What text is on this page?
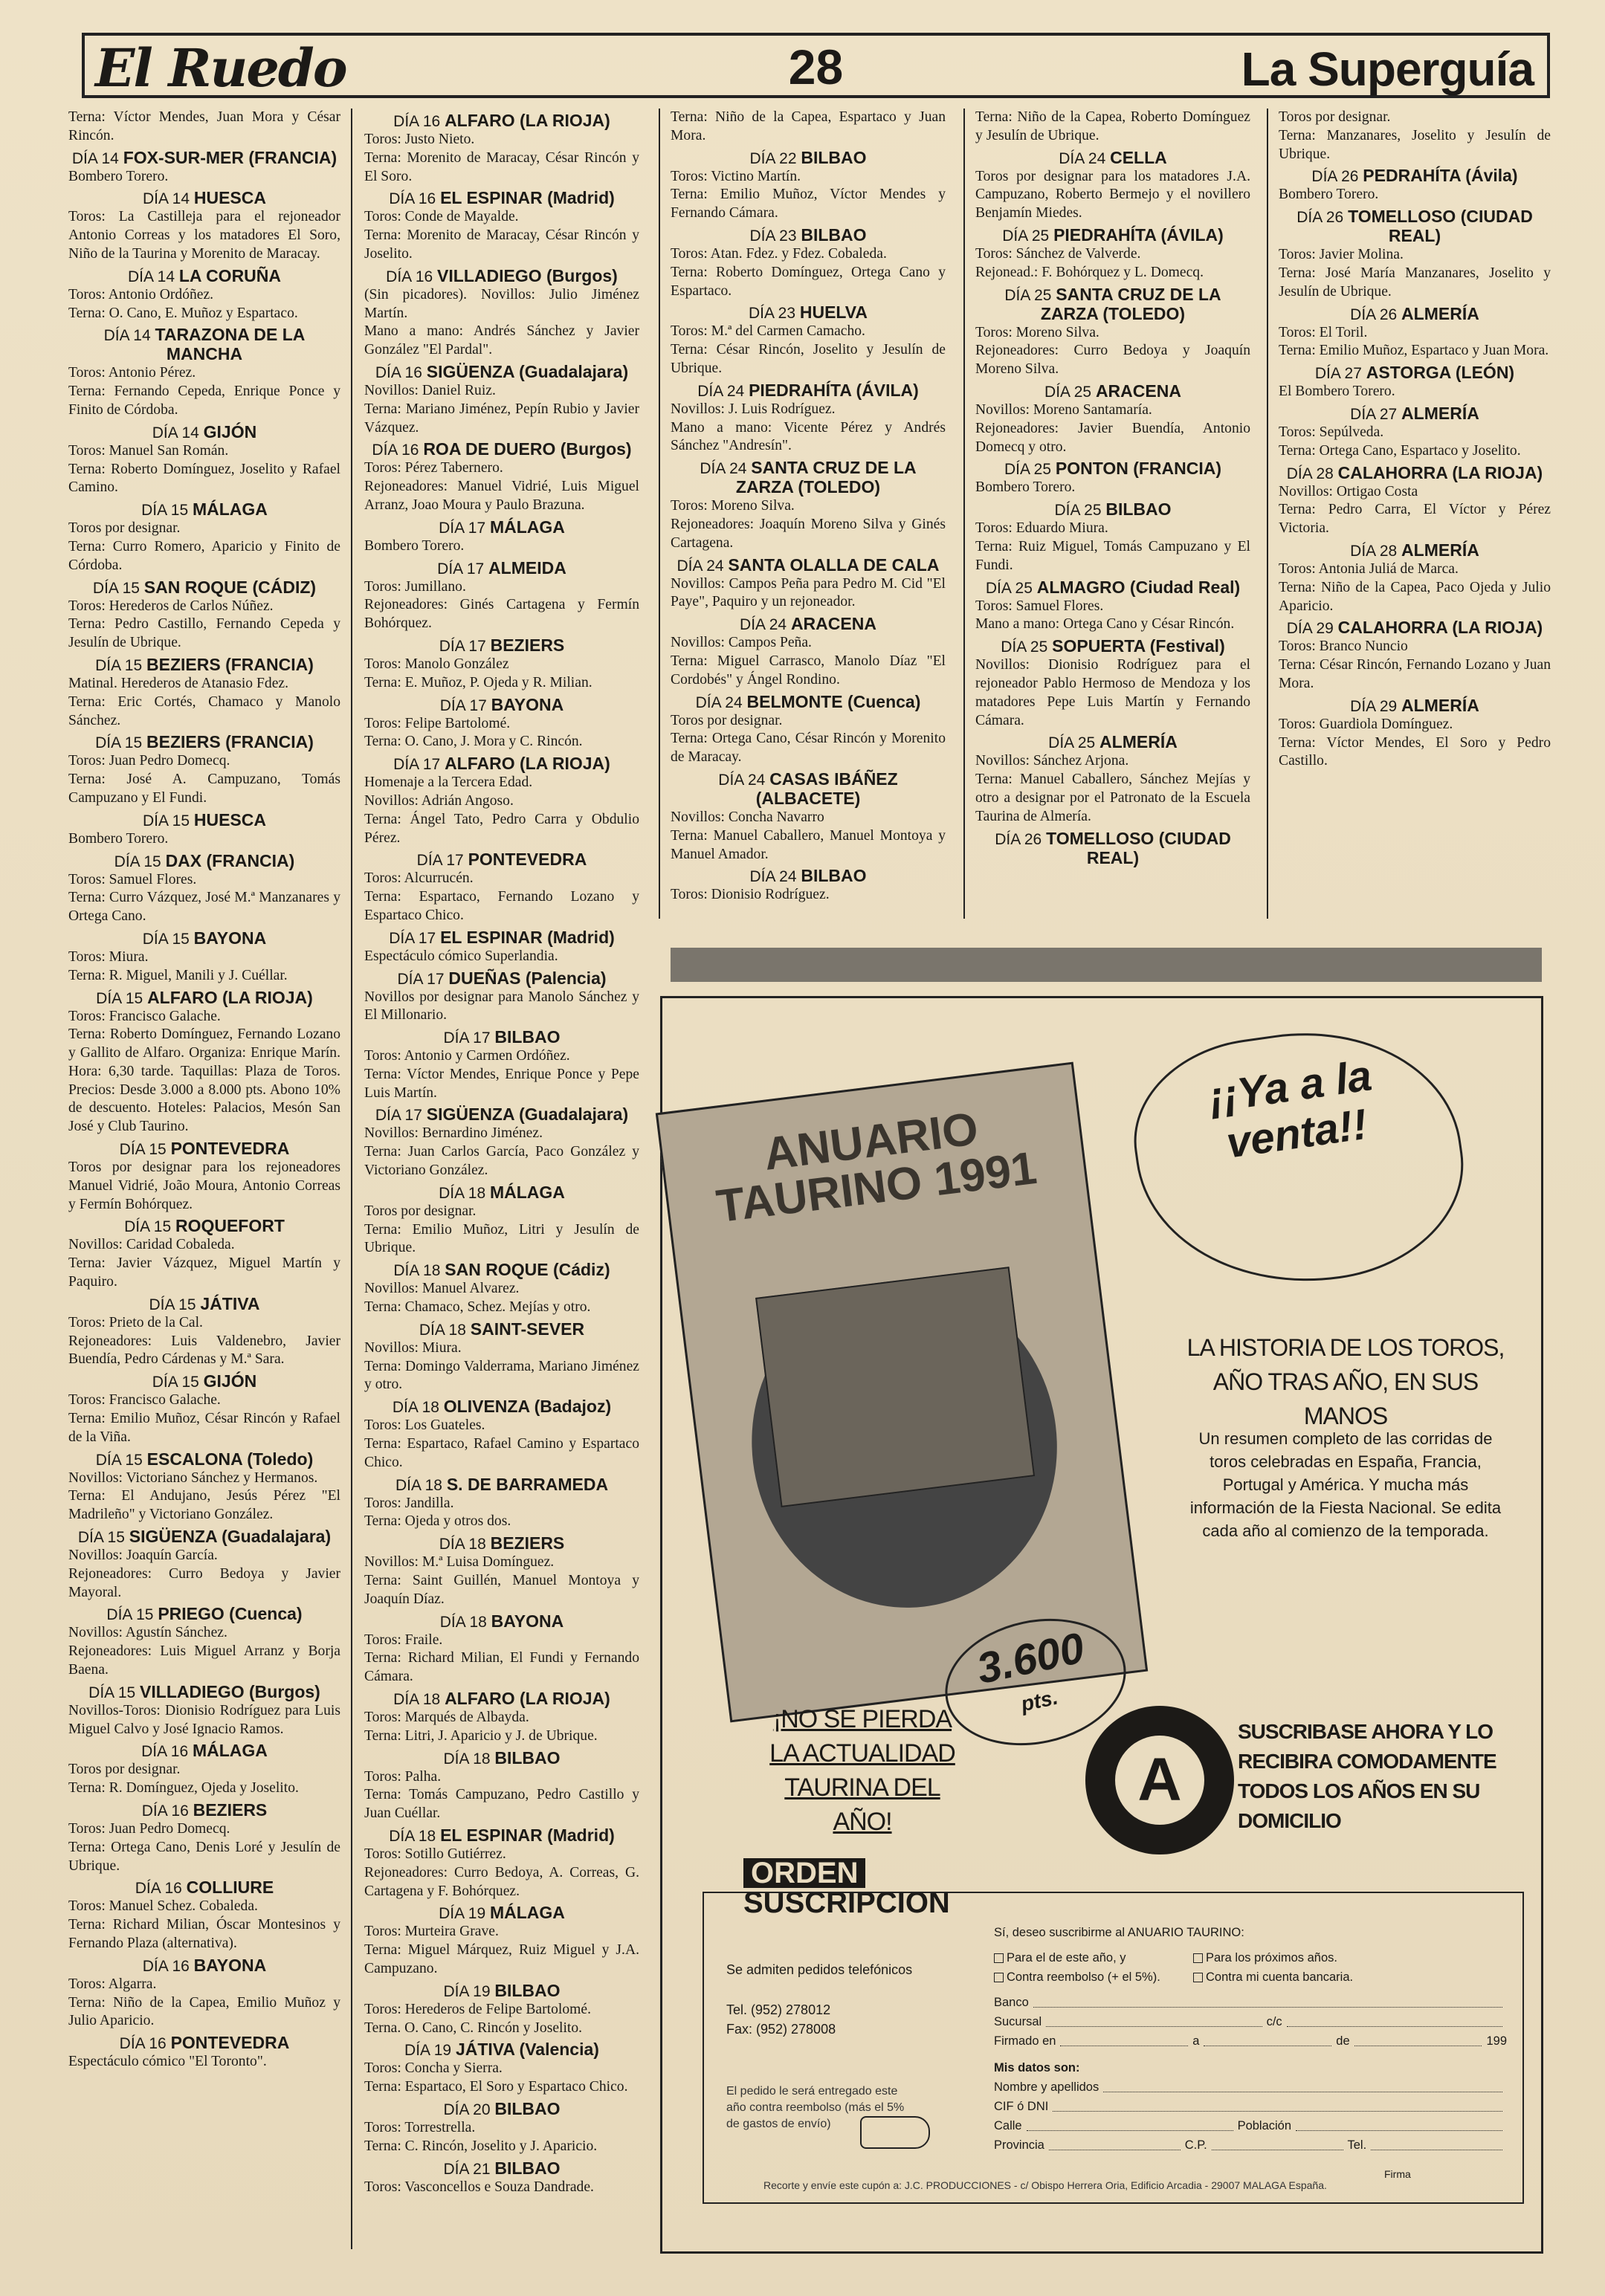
El Ruedo	28	La Superguía

Terna: Víctor Mendes, Juan Mora y César Rincón.

DÍA 14 FOX-SUR-MER (FRANCIA)

Bombero Torero.

DÍA 14 HUESCA

Toros: La Castilleja para el rejoneador Antonio Correas y los matadores El Soro, Niño de la Taurina y Morenito de Maracay.

DÍA 14 LA CORUÑA

Toros: Antonio Ordóñez.

Terna: O. Cano, E. Muñoz y Espartaco.

DÍA 14 TARAZONA DE LA MANCHA

Toros: Antonio Pérez.

Terna: Fernando Cepeda, Enrique Ponce y Finito de Córdoba.

DÍA 14 GIJÓN

Toros: Manuel San Román.

Terna: Roberto Domínguez, Joselito y Rafael Camino.

DÍA 15 MÁLAGA

Toros por designar.

Terna: Curro Romero, Aparicio y Finito de Córdoba.

DÍA 15 SAN ROQUE (CÁDIZ)

Toros: Herederos de Carlos Núñez.

Terna: Pedro Castillo, Fernando Cepeda y Jesulín de Ubrique.

DÍA 15 BEZIERS (FRANCIA)

Matinal. Herederos de Atanasio Fdez.

Terna: Eric Cortés, Chamaco y Manolo Sánchez.

DÍA 15 BEZIERS (FRANCIA)

Toros: Juan Pedro Domecq.

Terna: José A. Campuzano, Tomás Campuzano y El Fundi.

DÍA 15 HUESCA

Bombero Torero.

DÍA 15 DAX (FRANCIA)

Toros: Samuel Flores.

Terna: Curro Vázquez, José M.ª Manzanares y Ortega Cano.

DÍA 15 BAYONA

Toros: Miura.

Terna: R. Miguel, Manili y J. Cuéllar.

DÍA 15 ALFARO (LA RIOJA)

Toros: Francisco Galache.

Terna: Roberto Domínguez, Fernando Lozano y Gallito de Alfaro. Organiza: Enrique Marín. Hora: 6,30 tarde. Taquillas: Plaza de Toros. Precios: Desde 3.000 a 8.000 pts. Abono 10% de descuento. Hoteles: Palacios, Mesón San José y Club Taurino.

DÍA 15 PONTEVEDRA

Toros por designar para los rejoneadores Manuel Vidrié, João Moura, Antonio Correas y Fermín Bohórquez.

DÍA 15 ROQUEFORT

Novillos: Caridad Cobaleda.

Terna: Javier Vázquez, Miguel Martín y Paquiro.

DÍA 15 JÁTIVA

Toros: Prieto de la Cal.

Rejoneadores: Luis Valdenebro, Javier Buendía, Pedro Cárdenas y M.ª Sara.

DÍA 15 GIJÓN

Toros: Francisco Galache.

Terna: Emilio Muñoz, César Rincón y Rafael de la Viña.

DÍA 15 ESCALONA (Toledo)

Novillos: Victoriano Sánchez y Hermanos.

Terna: El Andujano, Jesús Pérez "El Madrileño" y Victoriano González.

DÍA 15 SIGÜENZA (Guadalajara)

Novillos: Joaquín García.

Rejoneadores: Curro Bedoya y Javier Mayoral.

DÍA 15 PRIEGO (Cuenca)

Novillos: Agustín Sánchez.

Rejoneadores: Luis Miguel Arranz y Borja Baena.

DÍA 15 VILLADIEGO (Burgos)

Novillos-Toros: Dionisio Rodríguez para Luis Miguel Calvo y José Ignacio Ramos.

DÍA 16 MÁLAGA

Toros por designar.

Terna: R. Domínguez, Ojeda y Joselito.

DÍA 16 BEZIERS

Toros: Juan Pedro Domecq.

Terna: Ortega Cano, Denis Loré y Jesulín de Ubrique.

DÍA 16 COLLIURE

Toros: Manuel Schez. Cobaleda.

Terna: Richard Milian, Óscar Montesinos y Fernando Plaza (alternativa).

DÍA 16 BAYONA

Toros: Algarra.

Terna: Niño de la Capea, Emilio Muñoz y Julio Aparicio.

DÍA 16 PONTEVEDRA

Espectáculo cómico "El Toronto".

DÍA 16 ALFARO (LA RIOJA)

Toros: Justo Nieto.

Terna: Morenito de Maracay, César Rincón y El Soro.

DÍA 16 EL ESPINAR (Madrid)

Toros: Conde de Mayalde.

Terna: Morenito de Maracay, César Rincón y Joselito.

DÍA 16 VILLADIEGO (Burgos)

(Sin picadores). Novillos: Julio Jiménez Martín.

Mano a mano: Andrés Sánchez y Javier González "El Pardal".

DÍA 16 SIGÜENZA (Guadalajara)

Novillos: Daniel Ruiz.

Terna: Mariano Jiménez, Pepín Rubio y Javier Vázquez.

DÍA 16 ROA DE DUERO (Burgos)

Toros: Pérez Tabernero.

Rejoneadores: Manuel Vidrié, Luis Miguel Arranz, Joao Moura y Paulo Brazuna.

DÍA 17 MÁLAGA

Bombero Torero.

DÍA 17 ALMEIDA

Toros: Jumillano.

Rejoneadores: Ginés Cartagena y Fermín Bohórquez.

DÍA 17 BEZIERS

Toros: Manolo González

Terna: E. Muñoz, P. Ojeda y R. Milian.

DÍA 17 BAYONA

Toros: Felipe Bartolomé.

Terna: O. Cano, J. Mora y C. Rincón.

DÍA 17 ALFARO (LA RIOJA)

Homenaje a la Tercera Edad.

Novillos: Adrián Angoso.

Terna: Ángel Tato, Pedro Carra y Obdulio Pérez.

DÍA 17 PONTEVEDRA

Toros: Alcurrucén.

Terna: Espartaco, Fernando Lozano y Espartaco Chico.

DÍA 17 EL ESPINAR (Madrid)

Espectáculo cómico Superlandia.

DÍA 17 DUEÑAS (Palencia)

Novillos por designar para Manolo Sánchez y El Millonario.

DÍA 17 BILBAO

Toros: Antonio y Carmen Ordóñez.

Terna: Víctor Mendes, Enrique Ponce y Pepe Luis Martín.

DÍA 17 SIGÜENZA (Guadalajara)

Novillos: Bernardino Jiménez.

Terna: Juan Carlos García, Paco González y Victoriano González.

DÍA 18 MÁLAGA

Toros por designar.

Terna: Emilio Muñoz, Litri y Jesulín de Ubrique.

DÍA 18 SAN ROQUE (Cádiz)

Novillos: Manuel Alvarez.

Terna: Chamaco, Schez. Mejías y otro.

DÍA 18 SAINT-SEVER

Novillos: Miura.

Terna: Domingo Valderrama, Mariano Jiménez y otro.

DÍA 18 OLIVENZA (Badajoz)

Toros: Los Guateles.

Terna: Espartaco, Rafael Camino y Espartaco Chico.

DÍA 18 S. DE BARRAMEDA

Toros: Jandilla.

Terna: Ojeda y otros dos.

DÍA 18 BEZIERS

Novillos: M.ª Luisa Domínguez.

Terna: Saint Guillén, Manuel Montoya y Joaquín Díaz.

DÍA 18 BAYONA

Toros: Fraile.

Terna: Richard Milian, El Fundi y Fernando Cámara.

DÍA 18 ALFARO (LA RIOJA)

Toros: Marqués de Albayda.

Terna: Litri, J. Aparicio y J. de Ubrique.

DÍA 18 BILBAO

Toros: Palha.

Terna: Tomás Campuzano, Pedro Castillo y Juan Cuéllar.

DÍA 18 EL ESPINAR (Madrid)

Toros: Sotillo Gutiérrez.

Rejoneadores: Curro Bedoya, A. Correas, G. Cartagena y F. Bohórquez.

DÍA 19 MÁLAGA

Toros: Murteira Grave.

Terna: Miguel Márquez, Ruiz Miguel y J.A. Campuzano.

DÍA 19 BILBAO

Toros: Herederos de Felipe Bartolomé.

Terna. O. Cano, C. Rincón y Joselito.

DÍA 19 JÁTIVA (Valencia)

Toros: Concha y Sierra.

Terna: Espartaco, El Soro y Espartaco Chico.

DÍA 20 BILBAO

Toros: Torrestrella.

Terna: C. Rincón, Joselito y J. Aparicio.

DÍA 21 BILBAO

Toros: Vasconcellos e Souza Dandrade.

Terna: Niño de la Capea, Espartaco y Juan Mora.

DÍA 22 BILBAO

Toros: Victino Martín.

Terna: Emilio Muñoz, Víctor Mendes y Fernando Cámara.

DÍA 23 BILBAO

Toros: Atan. Fdez. y Fdez. Cobaleda.

Terna: Roberto Domínguez, Ortega Cano y Espartaco.

DÍA 23 HUELVA

Toros: M.ª del Carmen Camacho.

Terna: César Rincón, Joselito y Jesulín de Ubrique.

DÍA 24 PIEDRAHÍTA (ÁVILA)

Novillos: J. Luis Rodríguez.

Mano a mano: Vicente Pérez y Andrés Sánchez "Andresín".

DÍA 24 SANTA CRUZ DE LA ZARZA (TOLEDO)

Toros: Moreno Silva.

Rejoneadores: Joaquín Moreno Silva y Ginés Cartagena.

DÍA 24 SANTA OLALLA DE CALA

Novillos: Campos Peña para Pedro M. Cid "El Paye", Paquiro y un rejoneador.

DÍA 24 ARACENA

Novillos: Campos Peña.

Terna: Miguel Carrasco, Manolo Díaz "El Cordobés" y Ángel Rondino.

DÍA 24 BELMONTE (Cuenca)

Toros por designar.

Terna: Ortega Cano, César Rincón y Morenito de Maracay.

DÍA 24 CASAS IBÁÑEZ (ALBACETE)

Novillos: Concha Navarro

Terna: Manuel Caballero, Manuel Montoya y Manuel Amador.

DÍA 24 BILBAO

Toros: Dionisio Rodríguez.

Terna: Niño de la Capea, Roberto Domínguez y Jesulín de Ubrique.

DÍA 24 CELLA

Toros por designar para los matadores J.A. Campuzano, Roberto Bermejo y el novillero Benjamín Miedes.

DÍA 25 PIEDRAHÍTA (ÁVILA)

Toros: Sánchez de Valverde.

Rejonead.: F. Bohórquez y L. Domecq.

DÍA 25 SANTA CRUZ DE LA ZARZA (TOLEDO)

Toros: Moreno Silva.

Rejoneadores: Curro Bedoya y Joaquín Moreno Silva.

DÍA 25 ARACENA

Novillos: Moreno Santamaría.

Rejoneadores: Javier Buendía, Antonio Domecq y otro.

DÍA 25 PONTON (FRANCIA)

Bombero Torero.

DÍA 25 BILBAO

Toros: Eduardo Miura.

Terna: Ruiz Miguel, Tomás Campuzano y El Fundi.

DÍA 25 ALMAGRO (Ciudad Real)

Toros: Samuel Flores.

Mano a mano: Ortega Cano y César Rincón.

DÍA 25 SOPUERTA (Festival)

Novillos: Dionisio Rodríguez para el rejoneador Pablo Hermoso de Mendoza y los matadores Pepe Luis Martín y Fernando Cámara.

DÍA 25 ALMERÍA

Novillos: Sánchez Arjona.

Terna: Manuel Caballero, Sánchez Mejías y otro a designar por el Patronato de la Escuela Taurina de Almería.

DÍA 26 TOMELLOSO (CIUDAD REAL)

Toros por designar.

Terna: Manzanares, Joselito y Jesulín de Ubrique.

DÍA 26 PEDRAHÍTA (Ávila)

Bombero Torero.

DÍA 26 TOMELLOSO (CIUDAD REAL)

Toros: Javier Molina.

Terna: José María Manzanares, Joselito y Jesulín de Ubrique.

DÍA 26 ALMERÍA

Toros: El Toril.

Terna: Emilio Muñoz, Espartaco y Juan Mora.

DÍA 27 ASTORGA (LEÓN)

El Bombero Torero.

DÍA 27 ALMERÍA

Toros: Sepúlveda.

Terna: Ortega Cano, Espartaco y Joselito.

DÍA 28 CALAHORRA (LA RIOJA)

Novillos: Ortigao Costa

Terna: Pedro Carra, El Víctor y Pérez Victoria.

DÍA 28 ALMERÍA

Toros: Antonia Juliá de Marca.

Terna: Niño de la Capea, Paco Ojeda y Julio Aparicio.

DÍA 29 CALAHORRA (LA RIOJA)

Toros: Branco Nuncio

Terna: César Rincón, Fernando Lozano y Juan Mora.

DÍA 29 ALMERÍA

Toros: Guardiola Domínguez.

Terna: Víctor Mendes, El Soro y Pedro Castillo.

ANUARIO TAURINO 1991
¡¡Ya a la venta!!
LA HISTORIA DE LOS TOROS, AÑO TRAS AÑO, EN SUS MANOS
Un resumen completo de las corridas de toros celebradas en España, Francia, Portugal y América. Y mucha más información de la Fiesta Nacional. Se edita cada año al comienzo de la temporada.
3.600
pts.
¡NO SE PIERDA LA ACTUALIDAD TAURINA DEL AÑO!
A
SUSCRIBASE AHORA Y LO RECIBIRA COMODAMENTE TODOS LOS AÑOS EN SU DOMICILIO
ORDEN
SUSCRIPCION
Se admiten pedidos telefónicos
Tel. (952) 278012
Fax: (952) 278008
El pedido le será entregado este año contra reembolso (más el 5% de gastos de envío)
Sí, deseo suscribirme al ANUARIO TAURINO:
Para el de este año, y	Para los próximos años.
Contra reembolso (+ el 5%).	Contra mi cuenta bancaria.
Banco
Sucursal	c/c
Firmado en	a	de	199
Mis datos son:
Nombre y apellidos
CIF ó DNI
Calle	Población
Provincia	C.P.	Tel.
Firma
Recorte y envíe este cupón a: J.C. PRODUCCIONES - c/ Obispo Herrera Oria, Edificio Arcadia - 29007 MALAGA España.
